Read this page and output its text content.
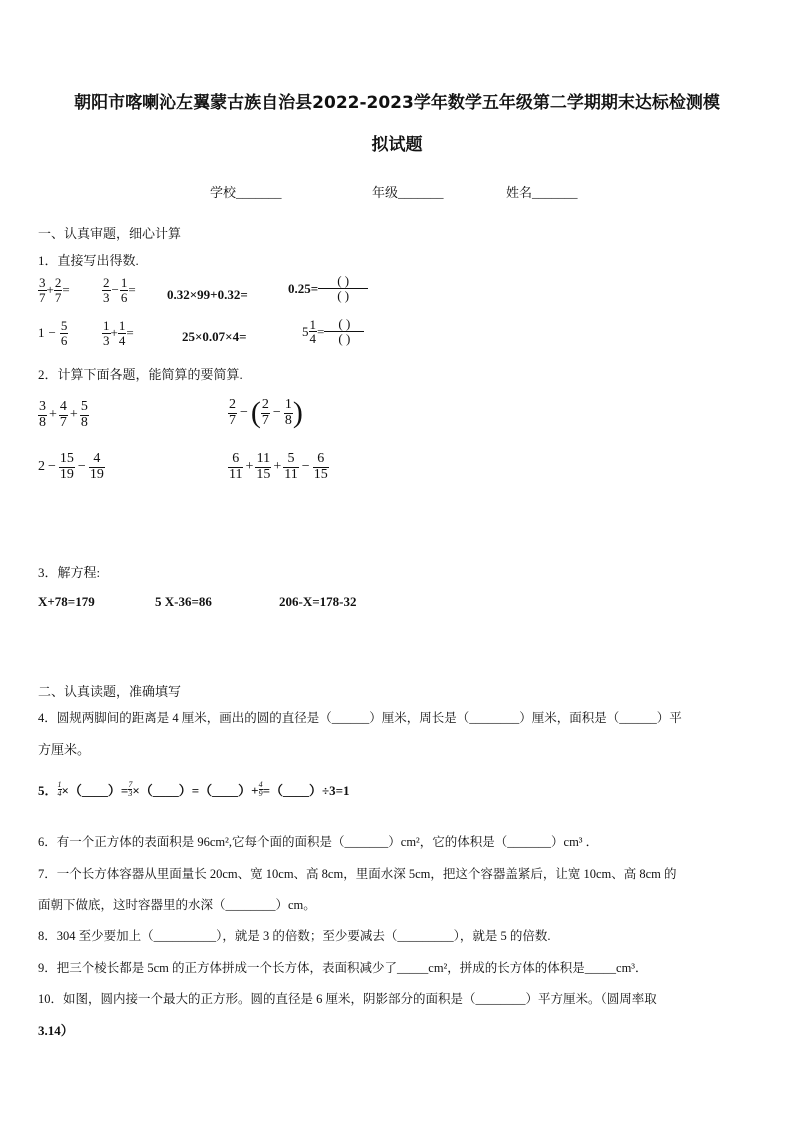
朝阳市喀喇沁左翼蒙古族自治县2022-2023学年数学五年级第二学期期末达标检测模
拟试题
学校_______	年级_______	姓名_______
一、认真审题，细心计算
1．直接写出得数.
$\frac{3}{7} + \frac{2}{7} = \frac{2}{3} - \frac{1}{6} = 0.32\times 99+0.32=$	0.25=
( )
( )
$1 - \frac{5}{6}$	$\frac{1}{3} + \frac{1}{4}$ =	25×0.07×4=	$5 \frac{1}{4}$ =
( )
( )
2．计算下面各题，能简算的要简算.
$\frac{3}{8} + \frac{4}{7} + \frac{5}{8}$	$\frac{2}{7}$ − ( $\frac{2}{7} - \frac{1}{8}$ )
$2 - \frac{15}{19} - \frac{4}{19}$	$\frac{6}{11} + \frac{11}{15} + \frac{5}{11} - \frac{6}{15}$
3．解方程:
X+78=179	5 X-36=86	206-X=178-32
二、认真读题，准确填写
4．圆规两脚间的距离是 4 厘米，画出的圆的直径是（______）厘米，周长是（________）厘米，面积是（______）平
方厘米。
5． $\frac{1}{4}$ ×（____）= $\frac{7}{3}$ ×（____）=（____）+ $\frac{4}{9}$ =（____）÷3=1
6．有一个正方体的表面积是 96cm²,它每个面的面积是（_______）cm²，它的体积是（_______）cm³ ．
7．一个长方体容器从里面量长 20cm、宽 10cm、高 8cm，里面水深 5cm，把这个容器盖紧后，让宽 10cm、高 8cm 的
面朝下做底，这时容器里的水深（________）cm。
8．304 至少要加上（__________），就是 3 的倍数；至少要减去（_________），就是 5 的倍数.
9．把三个棱长都是 5cm 的正方体拼成一个长方体，表面积减少了_____cm²，拼成的长方体的体积是_____cm³．
10．如图，圆内接一个最大的正方形。圆的直径是 6 厘米，阴影部分的面积是（________）平方厘米。（圆周率取
3.14）
